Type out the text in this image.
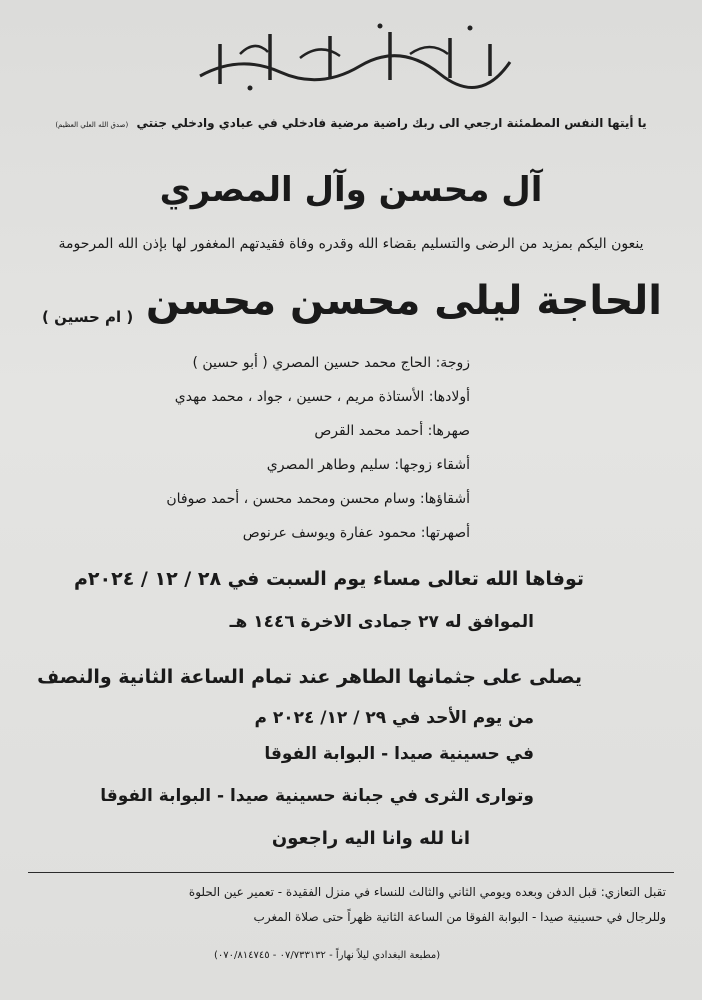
يا أيتها النفس المطمئنة ارجعي الى ربك راضية مرضية فادخلي في عبادي وادخلي جنتي (صدق الله العلي العظيم)
آل محسن وآل المصري
ينعون اليكم بمزيد من الرضى والتسليم بقضاء الله وقدره وفاة فقيدتهم المغفور لها بإذن الله المرحومة
الحاجة ليلى محسن محسن
( ام حسين )
زوجة: الحاج محمد حسين المصري ( أبو حسين )
أولادها: الأستاذة مريم ، حسين ، جواد ، محمد مهدي
صهرها: أحمد محمد القرص
أشقاء زوجها: سليم وطاهر المصري
أشقاؤها: وسام محسن ومحمد محسن ، أحمد صوفان
أصهرتها: محمود عفارة ويوسف عرنوص
توفاها الله تعالى مساء يوم السبت في ٢٨ / ١٢ / ٢٠٢٤م
الموافق له ٢٧ جمادى الاخرة ١٤٤٦ هـ
يصلى على جثمانها الطاهر عند تمام الساعة الثانية والنصف
من يوم الأحد في ٢٩ / ١٢/ ٢٠٢٤ م
في حسينية صيدا - البوابة الفوقا
وتوارى الثرى في جبانة حسينية صيدا - البوابة الفوقا
انا لله وانا اليه راجعون
تقبل التعازي: قبل الدفن وبعده ويومي الثاني والثالث للنساء في منزل الفقيدة - تعمير عين الحلوة
وللرجال في حسينية صيدا - البوابة الفوقا من الساعة الثانية ظهراً حتى صلاة المغرب
(مطبعة البغدادي ليلاً نهاراً - ٠٧/٧٣٣١٣٢ - ٠٧٠/٨١٤٧٤٥)
